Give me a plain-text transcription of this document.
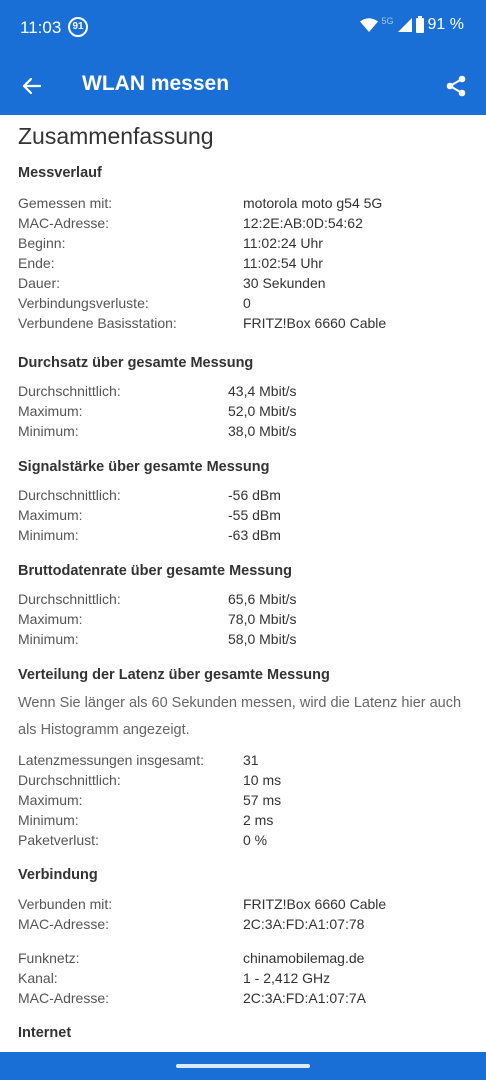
11:03	91	5G 91 %
WLAN messen
Zusammenfassung
Messverlauf
Gemessen mit:	motorola moto g54 5G
MAC-Adresse:	12:2E:AB:0D:54:62
Beginn:	11:02:24 Uhr
Ende:	11:02:54 Uhr
Dauer:	30 Sekunden
Verbindungsverluste:	0
Verbundene Basisstation:	FRITZ!Box 6660 Cable
Durchsatz über gesamte Messung
Durchschnittlich:	43,4 Mbit/s
Maximum:	52,0 Mbit/s
Minimum:	38,0 Mbit/s
Signalstärke über gesamte Messung
Durchschnittlich:	-56 dBm
Maximum:	-55 dBm
Minimum:	-63 dBm
Bruttodatenrate über gesamte Messung
Durchschnittlich:	65,6 Mbit/s
Maximum:	78,0 Mbit/s
Minimum:	58,0 Mbit/s
Verteilung der Latenz über gesamte Messung
Wenn Sie länger als 60 Sekunden messen, wird die Latenz hier auch als Histogramm angezeigt.
Latenzmessungen insgesamt:	31
Durchschnittlich:	10 ms
Maximum:	57 ms
Minimum:	2 ms
Paketverlust:	0 %
Verbindung
Verbunden mit:	FRITZ!Box 6660 Cable
MAC-Adresse:	2C:3A:FD:A1:07:78
Funknetz:	chinamobilemag.de
Kanal:	1 - 2,412 GHz
MAC-Adresse:	2C:3A:FD:A1:07:7A
Internet
